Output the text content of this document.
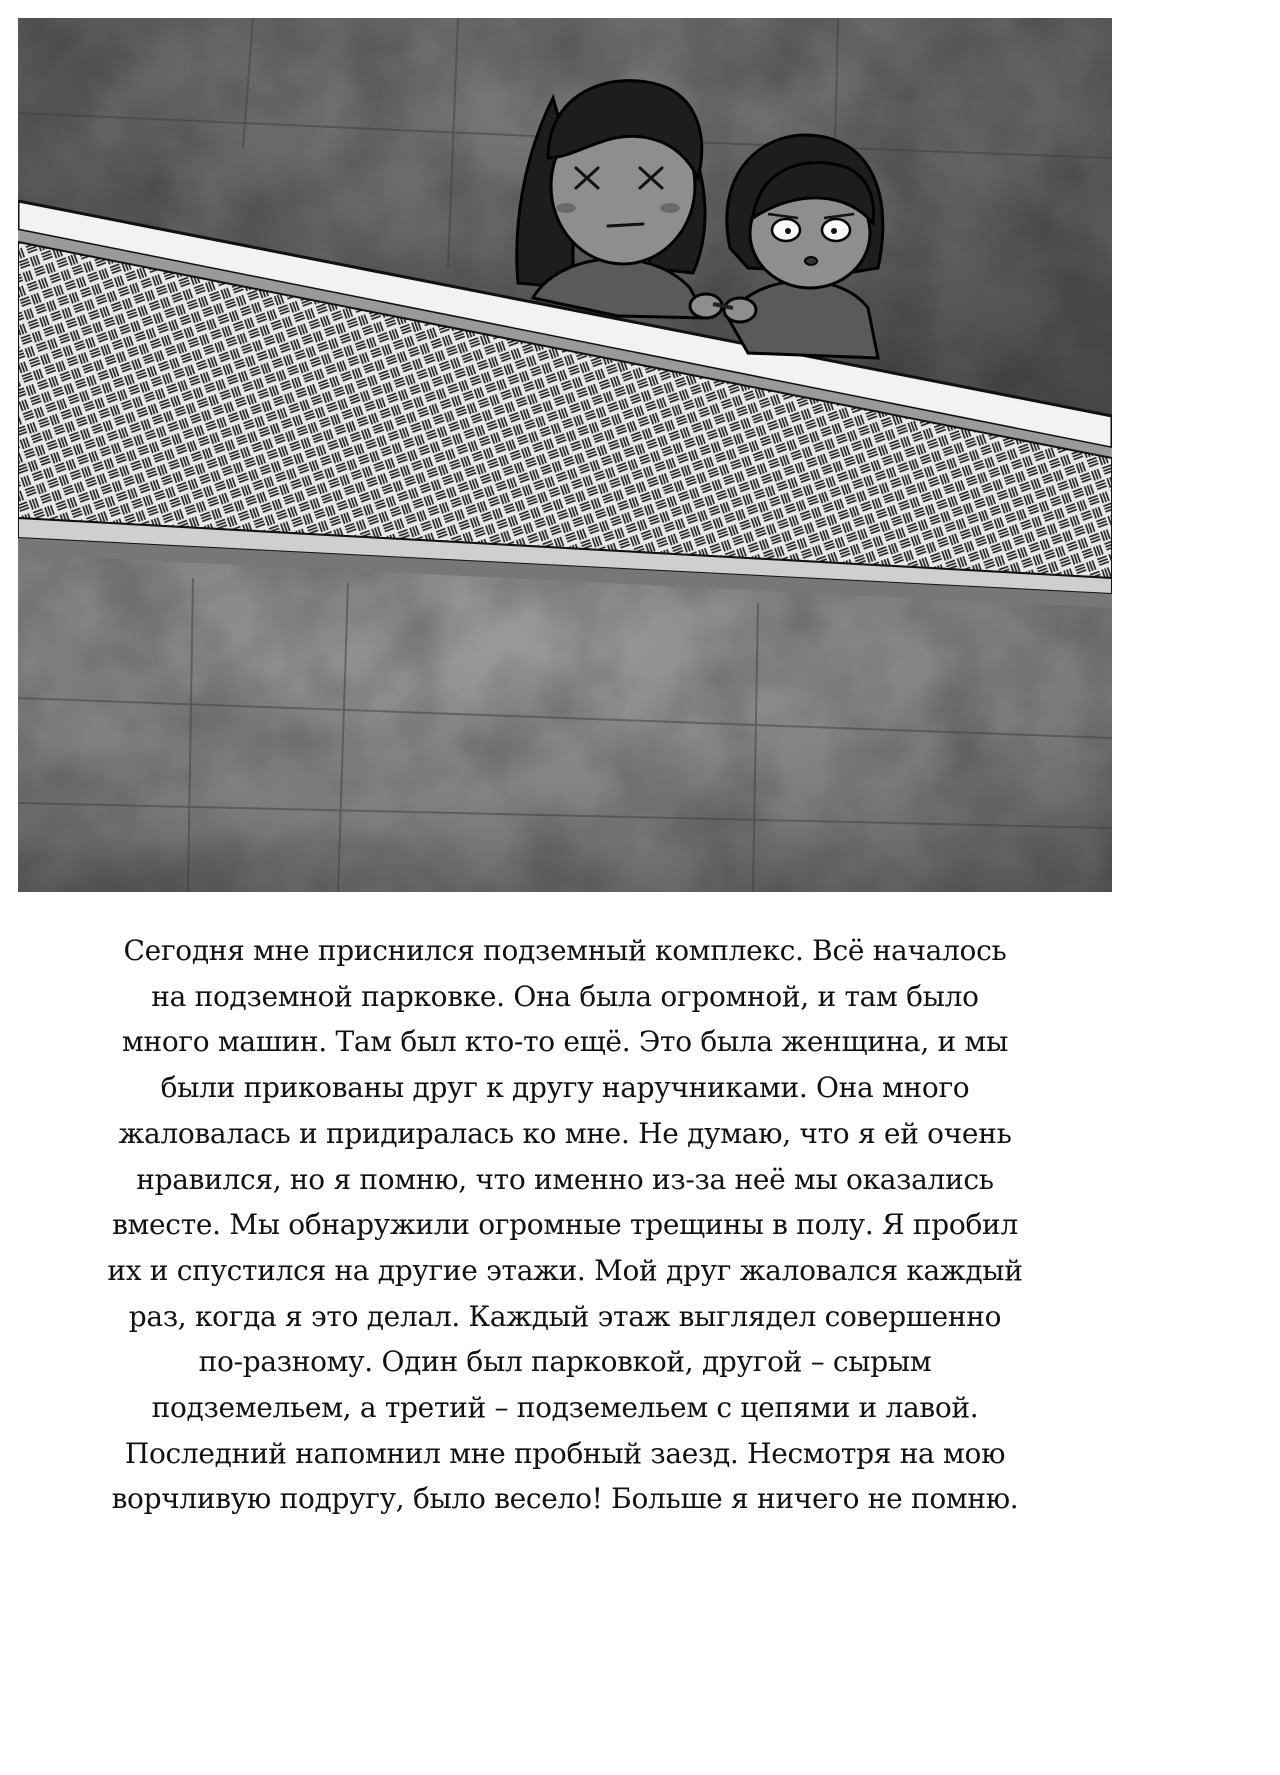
Сегодня мне приснился подземный комплекс. Всё началось
на подземной парковке. Она была огромной, и там было
много машин. Там был кто-то ещё. Это была женщина, и мы
были прикованы друг к другу наручниками. Она много
жаловалась и придиралась ко мне. Не думаю, что я ей очень
нравился, но я помню, что именно из-за неё мы оказались
вместе. Мы обнаружили огромные трещины в полу. Я пробил
их и спустился на другие этажи. Мой друг жаловался каждый
раз, когда я это делал. Каждый этаж выглядел совершенно
по-разному. Один был парковкой, другой – сырым
подземельем, а третий – подземельем с цепями и лавой.
Последний напомнил мне пробный заезд. Несмотря на мою
ворчливую подругу, было весело! Больше я ничего не помню.
